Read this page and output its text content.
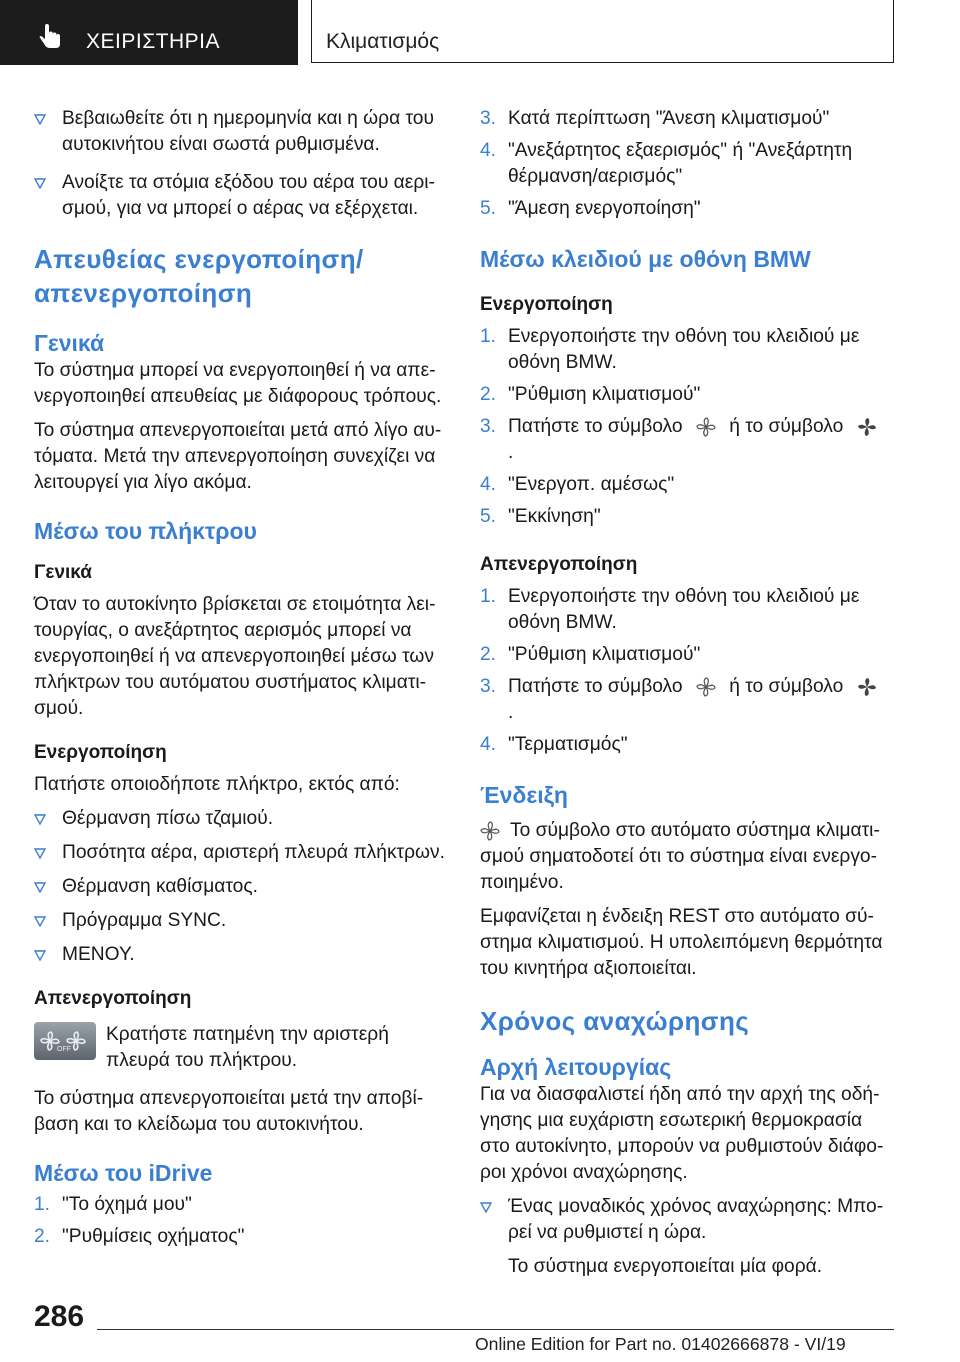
ΧΕΙΡΙΣΤΗΡΙΑ	Κλιματισμός

Βεβαιωθείτε ότι η ημερομηνία και η ώρα του αυτοκινήτου είναι σωστά ρυθμισμένα.

Ανοίξτε τα στόμια εξόδου του αέρα του αερισμού, για να μπορεί ο αέρας να εξέρχεται.

Απευθείας ενεργοποίηση/
απενεργοποίηση
Γενικά

Το σύστημα μπορεί να ενεργοποιηθεί ή να απενεργοποιηθεί απευθείας με διάφορους τρόπους.

Το σύστημα απενεργοποιείται μετά από λίγο αυτόματα. Μετά την απενεργοποίηση συνεχίζει να λειτουργεί για λίγο ακόμα.

Μέσω του πλήκτρου
Γενικά

Όταν το αυτοκίνητο βρίσκεται σε ετοιμότητα λειτουργίας, ο ανεξάρτητος αερισμός μπορεί να ενεργοποιηθεί ή να απενεργοποιηθεί μέσω των πλήκτρων του αυτόματου συστήματος κλιματισμού.

Ενεργοποίηση

Πατήστε οποιοδήποτε πλήκτρο, εκτός από:

Θέρμανση πίσω τζαμιού.

Ποσότητα αέρα, αριστερή πλευρά πλήκτρων.

Θέρμανση καθίσματος.

Πρόγραμμα SYNC.

ΜΕΝΟΥ.

Απενεργοποίηση
OFF

Κρατήστε πατημένη την αριστερή πλευρά του πλήκτρου.

Το σύστημα απενεργοποιείται μετά την αποβίβαση και το κλείδωμα του αυτοκινήτου.

Μέσω του iDrive
1. "Το όχημά μου"

2. "Ρυθμίσεις οχήματος"

3. Κατά περίπτωση "Άνεση κλιματισμού"

4. "Ανεξάρτητος εξαερισμός" ή "Ανεξάρτητη θέρμανση/αερισμός"

5. "Άμεση ενεργοποίηση"

Μέσω κλειδιού με οθόνη BMW
Ενεργοποίηση
1. Ενεργοποιήστε την οθόνη του κλειδιού με οθόνη BMW.

2. "Ρύθμιση κλιματισμού"

3. Πατήστε το σύμβολο ή το σύμβολο  .

4. "Ενεργοπ. αμέσως"

5. "Εκκίνηση"

Απενεργοποίηση
1. Ενεργοποιήστε την οθόνη του κλειδιού με οθόνη BMW.

2. "Ρύθμιση κλιματισμού"

3. Πατήστε το σύμβολο ή το σύμβολο  .

4. "Τερματισμός"

Ένδειξη

Το σύμβολο στο αυτόματο σύστημα κλιματισμού σηματοδοτεί ότι το σύστημα είναι ενεργοποιημένο.

Εμφανίζεται η ένδειξη REST στο αυτόματο σύστημα κλιματισμού. Η υπολειπόμενη θερμότητα του κινητήρα αξιοποιείται.

Χρόνος αναχώρησης
Αρχή λειτουργίας

Για να διασφαλιστεί ήδη από την αρχή της οδήγησης μια ευχάριστη εσωτερική θερμοκρασία στο αυτοκίνητο, μπορούν να ρυθμιστούν διάφοροι χρόνοι αναχώρησης.

Ένας μοναδικός χρόνος αναχώρησης: Μπορεί να ρυθμιστεί η ώρα.

Το σύστημα ενεργοποιείται μία φορά.

286
Online Edition for Part no. 01402666878 - VI/19
